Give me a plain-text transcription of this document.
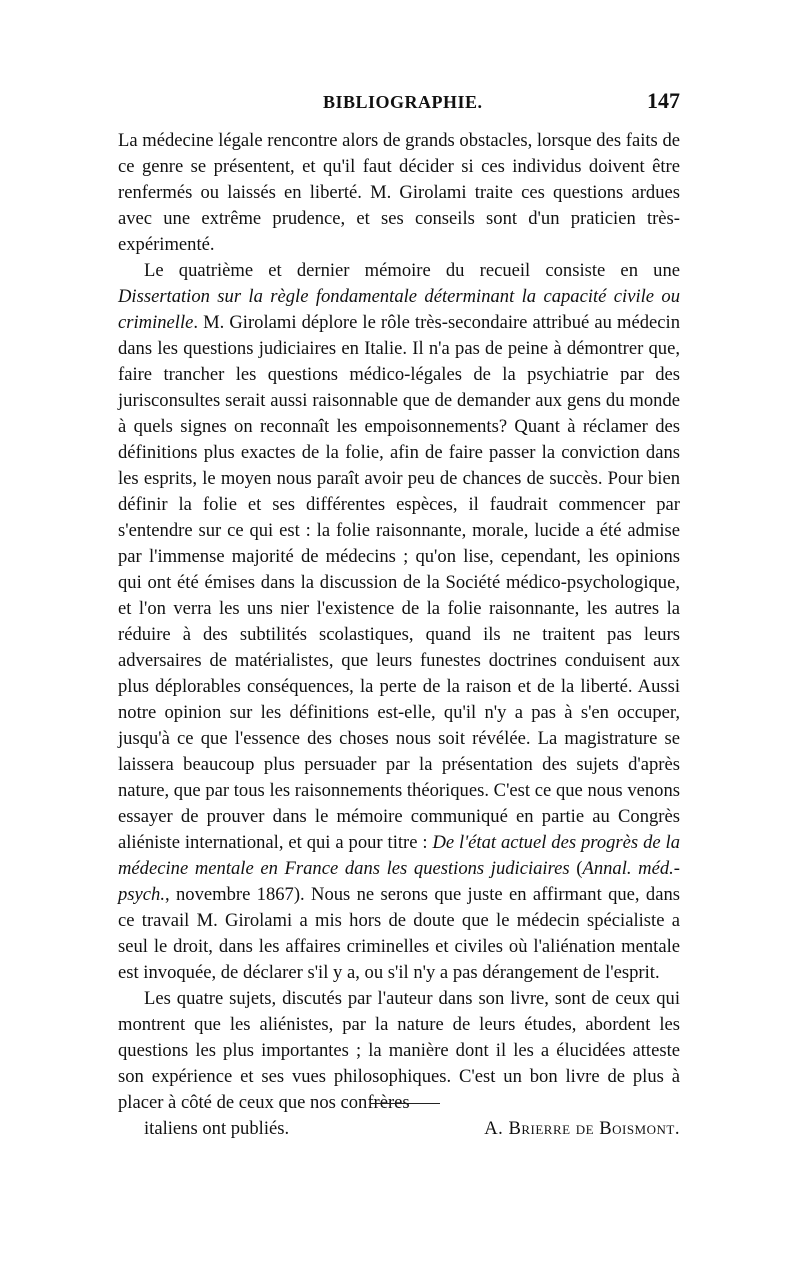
BIBLIOGRAPHIE.	147

La médecine légale rencontre alors de grands obstacles, lorsque des faits de ce genre se présentent, et qu'il faut décider si ces individus doivent être renfermés ou laissés en liberté. M. Girolami traite ces questions ardues avec une extrême prudence, et ses conseils sont d'un praticien très-expérimenté.

Le quatrième et dernier mémoire du recueil consiste en une Dissertation sur la règle fondamentale déterminant la capacité civile ou criminelle. M. Girolami déplore le rôle très-secondaire attribué au médecin dans les questions judiciaires en Italie. Il n'a pas de peine à démontrer que, faire trancher les questions médico-légales de la psychiatrie par des jurisconsultes serait aussi raisonnable que de demander aux gens du monde à quels signes on reconnaît les empoisonnements? Quant à réclamer des définitions plus exactes de la folie, afin de faire passer la conviction dans les esprits, le moyen nous paraît avoir peu de chances de succès. Pour bien définir la folie et ses différentes espèces, il faudrait commencer par s'entendre sur ce qui est : la folie raisonnante, morale, lucide a été admise par l'immense majorité de médecins ; qu'on lise, cependant, les opinions qui ont été émises dans la discussion de la Société médico-psychologique, et l'on verra les uns nier l'existence de la folie raisonnante, les autres la réduire à des subtilités scolastiques, quand ils ne traitent pas leurs adversaires de matérialistes, que leurs funestes doctrines conduisent aux plus déplorables conséquences, la perte de la raison et de la liberté. Aussi notre opinion sur les définitions est-elle, qu'il n'y a pas à s'en occuper, jusqu'à ce que l'essence des choses nous soit révélée. La magistrature se laissera beaucoup plus persuader par la présentation des sujets d'après nature, que par tous les raisonnements théoriques. C'est ce que nous venons essayer de prouver dans le mémoire communiqué en partie au Congrès aliéniste international, et qui a pour titre : De l'état actuel des progrès de la médecine mentale en France dans les questions judiciaires (Annal. méd.-psych., novembre 1867). Nous ne serons que juste en affirmant que, dans ce travail M. Girolami a mis hors de doute que le médecin spécialiste a seul le droit, dans les affaires criminelles et civiles où l'aliénation mentale est invoquée, de déclarer s'il y a, ou s'il n'y a pas dérangement de l'esprit.

Les quatre sujets, discutés par l'auteur dans son livre, sont de ceux qui montrent que les aliénistes, par la nature de leurs études, abordent les questions les plus importantes ; la manière dont il les a élucidées atteste son expérience et ses vues philosophiques. C'est un bon livre de plus à placer à côté de ceux que nos confrères

italiens ont publiés.	A. Brierre de Boismont.
